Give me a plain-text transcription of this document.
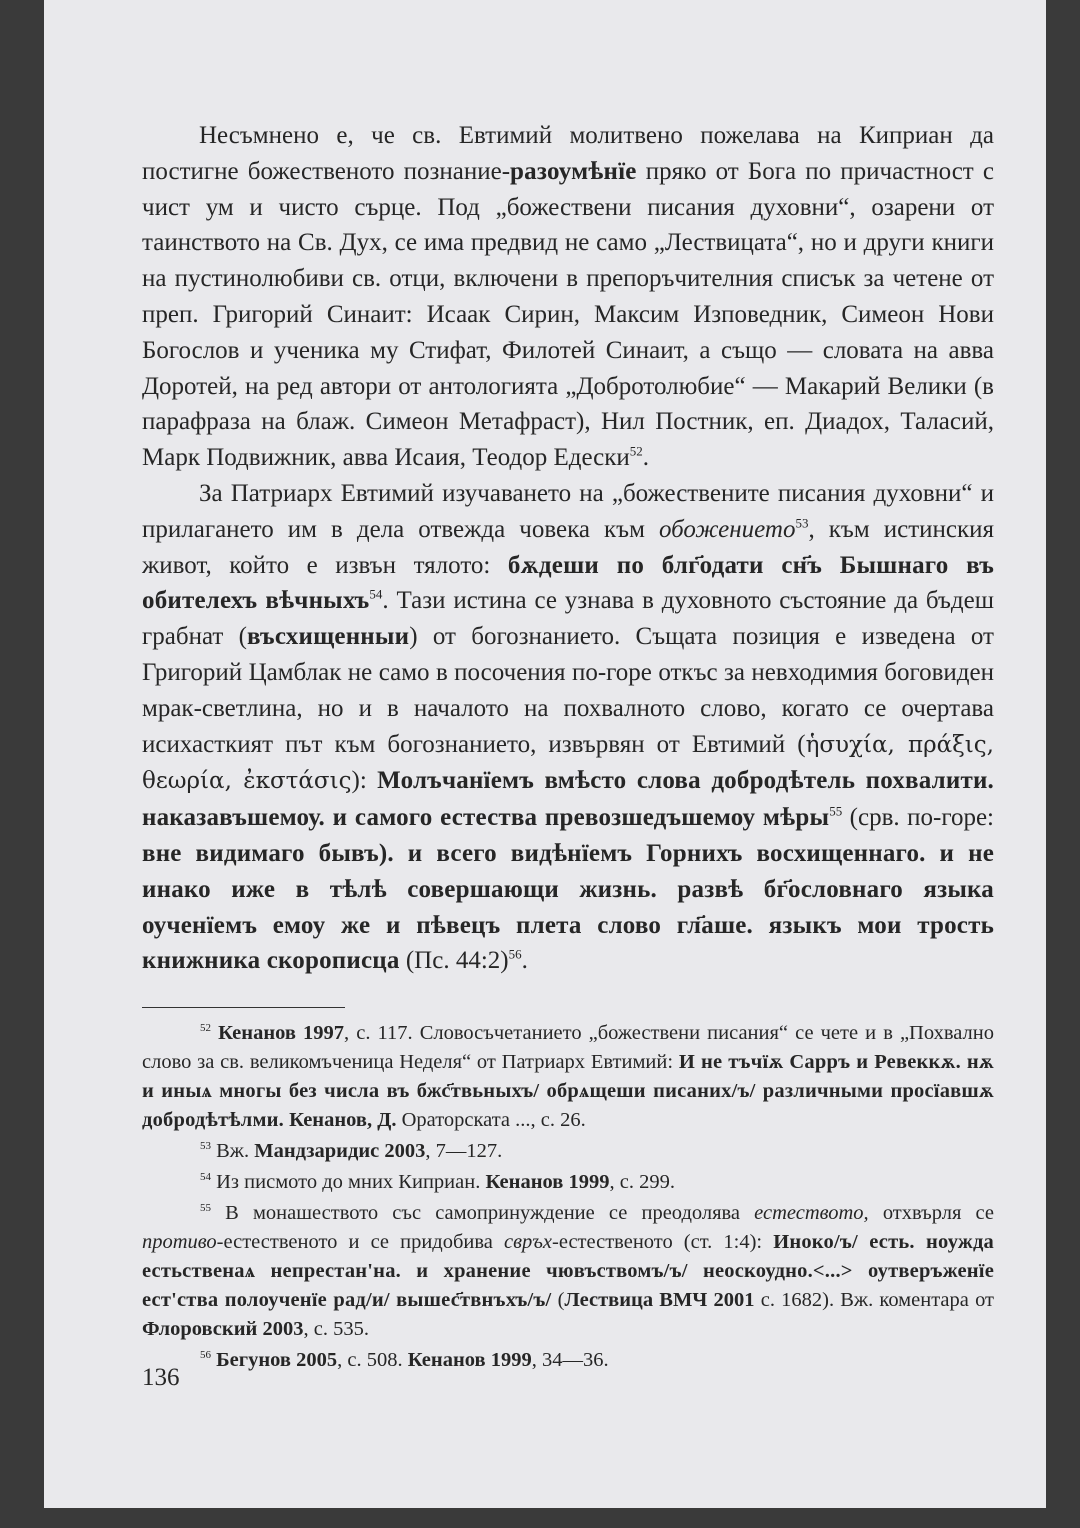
Несъмнено е, че св. Евтимий молитвено пожелава на Киприан да постигне божественото познание-разоумѣнїе пряко от Бога по причастност с чист ум и чисто сърце. Под „божествени писания духовни“, озарени от таинството на Св. Дух, се има предвид не само „Лествицата“, но и други книги на пустинолюбиви св. отци, включени в препоръчителния списък за четене от преп. Григорий Синаит: Исаак Сирин, Максим Изповедник, Симеон Нови Богослов и ученика му Стифат, Филотей Синаит, а също — словата на авва Доротей, на ред автори от антологията „Добротолюбие“ — Макарий Велики (в парафраза на блаж. Симеон Метафраст), Нил Постник, еп. Диадох, Таласий, Марк Подвижник, авва Исаия, Теодор Едески$^{52}$.

За Патриарх Евтимий изучаването на „божествените писания духовни“ и прилагането им в дела отвежда човека към обожението$^{53}$, към истинския живот, който е извън тялото: бѫдеши по блг҃одати сн҃ъ Бышнаго въ обителехъ вѣчныхъ$^{54}$. Тази истина се узнава в духовното състояние да бъдеш грабнат (въсхищенныи) от богознанието. Същата позиция е изведена от Григорий Цамблак не само в посочения по-горе откъс за невходимия боговиден мрак-светлина, но и в началото на похвалното слово, когато се очертава исихасткият път към богознанието, извървян от Евтимий (ἡσυχία, πράξις, θεωρία, ἐκστάσις): Молъчанїемъ вмѣсто слова добродѣтель похвалити. наказавъшемоу. и самого естества превозшедъшемоу мѣры$^{55}$ (срв. по-горе: вне видимаго бывъ). и всего видѣнїемъ Горнихъ восхищеннаго. и не инако иже в тѣлѣ совершающи жизнь. развѣ бг҃ословнаго языка оученїемъ емоу же и пѣвецъ плета слово гл҃аше. языкъ мои трость книжника скорописца (Пс. 44:2)$^{56}$.

$^{52}$ Кенанов 1997, с. 117. Словосъчетанието „божествени писания“ се чете и в „Похвално слово за св. великомъченица Неделя“ от Патриарх Евтимий: И не тъчїѫ Сарръ и Ревеккѫ. нѫ и иныѧ многы без числа въ бжс҃твьныхъ/ обрѧщеши писаних/ъ/ различными просїавшѫ добродѣтѣлми. Кенанов, Д. Ораторската ..., с. 26.

$^{53}$ Вж. Мандзаридис 2003, 7—127.

$^{54}$ Из писмото до мних Киприан. Кенанов 1999, с. 299.

$^{55}$ В монашеството със самопринуждение се преодолява естеството, отхвърля се противо-естественото и се придобива свръх-естественото (ст. 1:4): Иноко/ъ/ есть. ноужда естьственаѧ непрестан'на. и хранение чювъствомъ/ъ/ неоскоудно.<...> оутверъженїе ест'ства полоученїе рад/и/ вышес҃твнъхъ/ъ/ (Лествица ВМЧ 2001 с. 1682). Вж. коментара от Флоровский 2003, с. 535.

$^{56}$ Бегунов 2005, с. 508. Кенанов 1999, 34—36.

136
